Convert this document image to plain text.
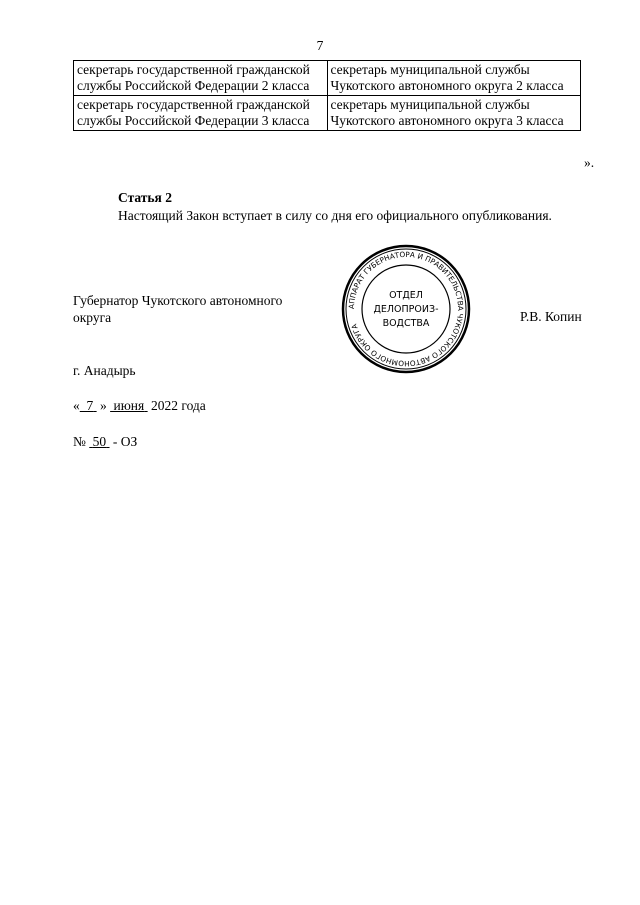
7
секретарь государственной гражданской службы Российской Федерации 2 класса	секретарь муниципальной службы Чукотского автономного округа 2 класса
секретарь государственной гражданской службы Российской Федерации 3 класса	секретарь муниципальной службы Чукотского автономного округа 3 класса
».
Статья 2
Настоящий Закон вступает в силу со дня его официального опубликования.
Губернатор Чукотского автономного округа
АППАРАТ ГУБЕРНАТОРА И ПРАВИТЕЛЬСТВА ЧУКОТСКОГО АВТОНОМНОГО ОКРУГА
ОТДЕЛ
ДЕЛОПРОИЗ-
ВОДСТВА	Р.В. Копин
г. Анадырь
« 7 » июня 2022 года
№ 50 - ОЗ
